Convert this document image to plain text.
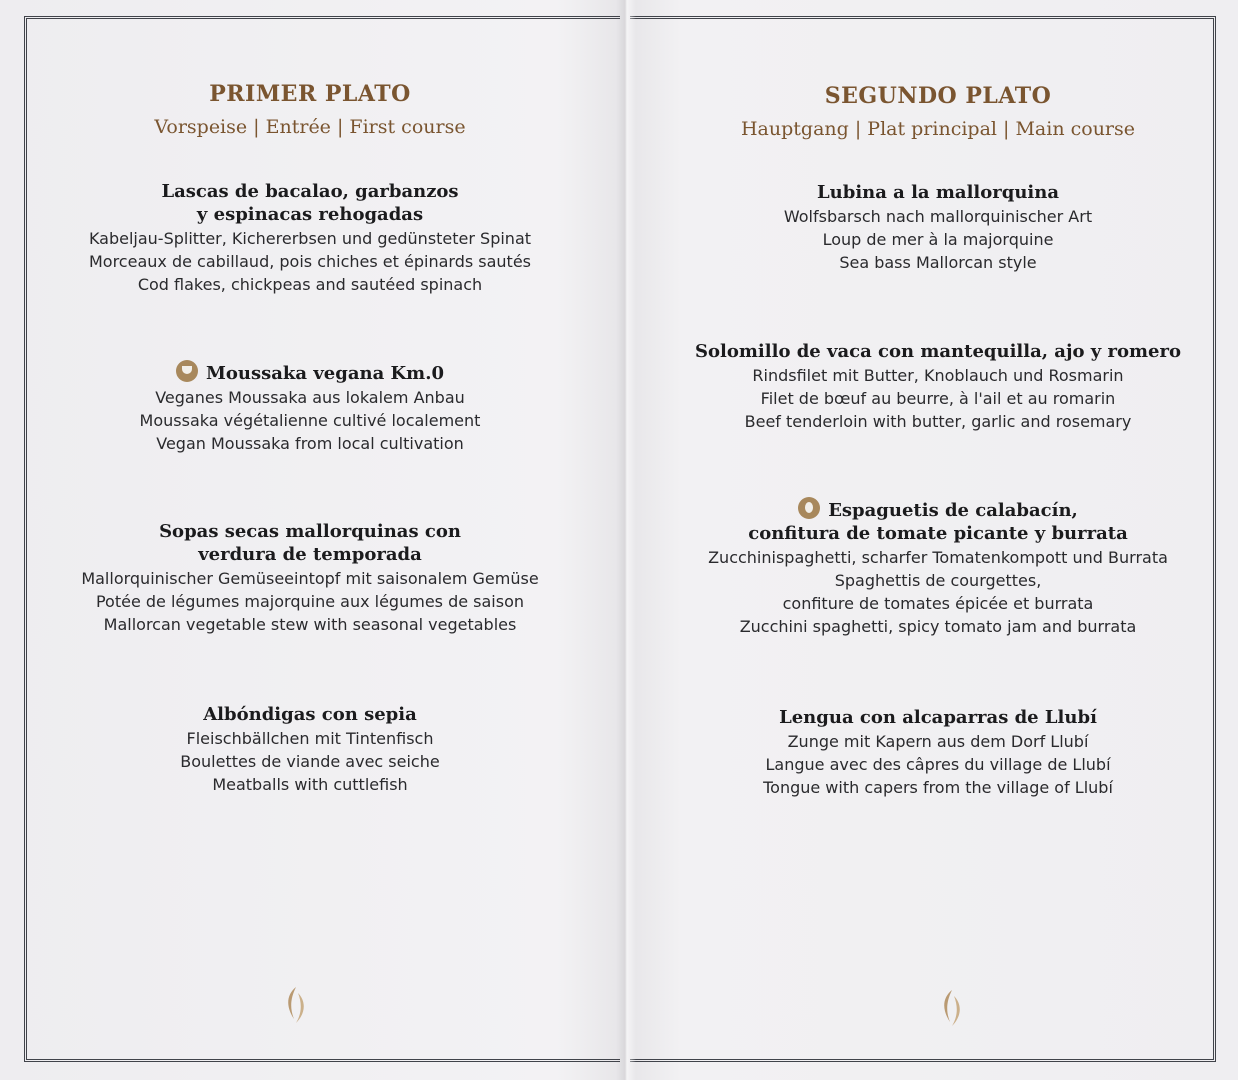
PRIMER PLATO

Vorspeise | Entrée | First course

Lascas de bacalao, garbanzos

y espinacas rehogadas

Kabeljau-Splitter, Kichererbsen und gedünsteter Spinat

Morceaux de cabillaud, pois chiches et épinards sautés

Cod flakes, chickpeas and sautéed spinach

Moussaka vegana Km.0

Veganes Moussaka aus lokalem Anbau

Moussaka végétalienne cultivé localement

Vegan Moussaka from local cultivation

Sopas secas mallorquinas con

verdura de temporada

Mallorquinischer Gemüseeintopf mit saisonalem Gemüse

Potée de légumes majorquine aux légumes de saison

Mallorcan vegetable stew with seasonal vegetables

Albóndigas con sepia

Fleischbällchen mit Tintenfisch

Boulettes de viande avec seiche

Meatballs with cuttlefish

SEGUNDO PLATO

Hauptgang | Plat principal | Main course

Lubina a la mallorquina

Wolfsbarsch nach mallorquinischer Art

Loup de mer à la majorquine

Sea bass Mallorcan style

Solomillo de vaca con mantequilla, ajo y romero

Rindsfilet mit Butter, Knoblauch und Rosmarin

Filet de bœuf au beurre, à l'ail et au romarin

Beef tenderloin with butter, garlic and rosemary

Espaguetis de calabacín,

confitura de tomate picante y burrata

Zucchinispaghetti, scharfer Tomatenkompott und Burrata

Spaghettis de courgettes,

confiture de tomates épicée et burrata

Zucchini spaghetti, spicy tomato jam and burrata

Lengua con alcaparras de Llubí

Zunge mit Kapern aus dem Dorf Llubí

Langue avec des câpres du village de Llubí

Tongue with capers from the village of Llubí
